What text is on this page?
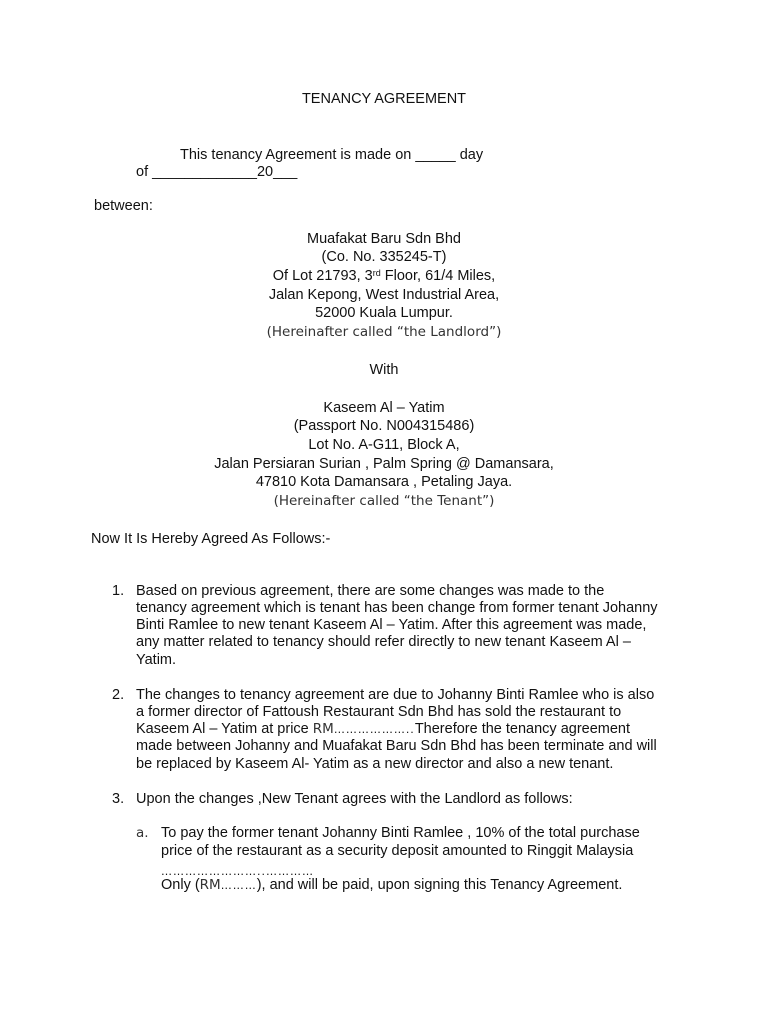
TENANCY AGREEMENT
This tenancy Agreement is made on _____ day
of _____________20___
between:
Muafakat Baru Sdn Bhd
(Co. No. 335245-T)
Of Lot 21793, 3rd Floor, 61/4 Miles,
Jalan Kepong, West Industrial Area,
52000 Kuala Lumpur.
(Hereinafter called “the Landlord”)
With
Kaseem Al – Yatim
(Passport No. N004315486)
Lot No. A-G11, Block A,
Jalan Persiaran Surian , Palm Spring @ Damansara,
47810 Kota Damansara , Petaling Jaya.
(Hereinafter called “the Tenant”)
Now It Is Hereby Agreed As Follows:-
1. Based on previous agreement, there are some changes was made to the
tenancy agreement which is tenant has been change from former tenant Johanny
Binti Ramlee to new tenant Kaseem Al – Yatim. After this agreement was made,
any matter related to tenancy should refer directly to new tenant Kaseem Al –
Yatim.
2. The changes to tenancy agreement are due to Johanny Binti Ramlee who is also
a former director of Fattoush Restaurant Sdn Bhd has sold the restaurant to
Kaseem Al – Yatim at price RM………………..Therefore the tenancy agreement
made between Johanny and Muafakat Baru Sdn Bhd has been terminate and will
be replaced by Kaseem Al- Yatim as a new director and also a new tenant.
3. Upon the changes ,New Tenant agrees with the Landlord as follows:
a. To pay the former tenant Johanny Binti Ramlee , 10% of the total purchase
price of the restaurant as a security deposit amounted to Ringgit Malaysia
……………………..…………
Only (RM………), and will be paid, upon signing this Tenancy Agreement.
